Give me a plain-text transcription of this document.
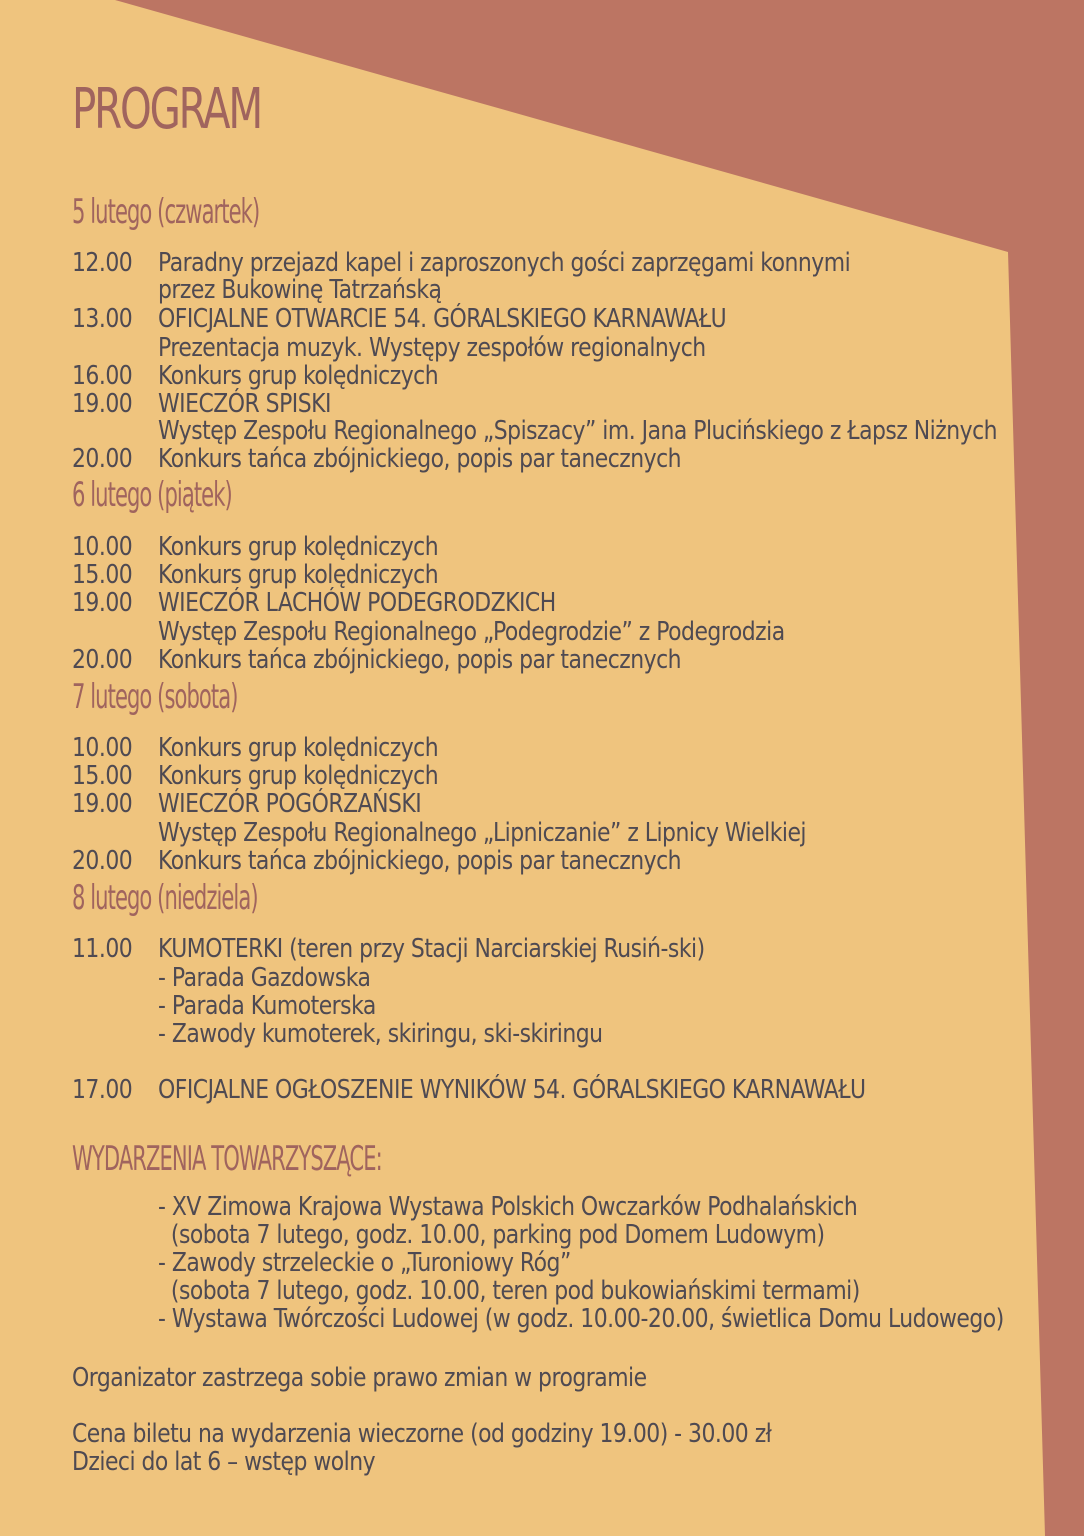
PROGRAM
5 lutego (czwartek)
12.00 Paradny przejazd kapel i zaproszonych gości zaprzęgami konnymi
przez Bukowinę Tatrzańską
13.00 OFICJALNE OTWARCIE 54. GÓRALSKIEGO KARNAWAŁU
Prezentacja muzyk. Występy zespołów regionalnych
16.00 Konkurs grup kolędniczych
19.00 WIECZÓR SPISKI
Występ Zespołu Regionalnego „Spiszacy” im. Jana Plucińskiego z Łapsz Niżnych
20.00 Konkurs tańca zbójnickiego, popis par tanecznych
6 lutego (piątek)
10.00 Konkurs grup kolędniczych
15.00 Konkurs grup kolędniczych
19.00 WIECZÓR LACHÓW PODEGRODZKICH
Występ Zespołu Regionalnego „Podegrodzie” z Podegrodzia
20.00 Konkurs tańca zbójnickiego, popis par tanecznych
7 lutego (sobota)
10.00 Konkurs grup kolędniczych
15.00 Konkurs grup kolędniczych
19.00 WIECZÓR POGÓRZAŃSKI
Występ Zespołu Regionalnego „Lipniczanie” z Lipnicy Wielkiej
20.00 Konkurs tańca zbójnickiego, popis par tanecznych
8 lutego (niedziela)
11.00 KUMOTERKI (teren przy Stacji Narciarskiej Rusiń-ski)
- Parada Gazdowska
- Parada Kumoterska
- Zawody kumoterek, skiringu, ski-skiringu
17.00 OFICJALNE OGŁOSZENIE WYNIKÓW 54. GÓRALSKIEGO KARNAWAŁU
WYDARZENIA TOWARZYSZĄCE:
- XV Zimowa Krajowa Wystawa Polskich Owczarków Podhalańskich
(sobota 7 lutego, godz. 10.00, parking pod Domem Ludowym)
- Zawody strzeleckie o „Turoniowy Róg”
(sobota 7 lutego, godz. 10.00, teren pod bukowiańskimi termami)
- Wystawa Twórczości Ludowej (w godz. 10.00-20.00, świetlica Domu Ludowego)
Organizator zastrzega sobie prawo zmian w programie
Cena biletu na wydarzenia wieczorne (od godziny 19.00) - 30.00 zł
Dzieci do lat 6 – wstęp wolny
